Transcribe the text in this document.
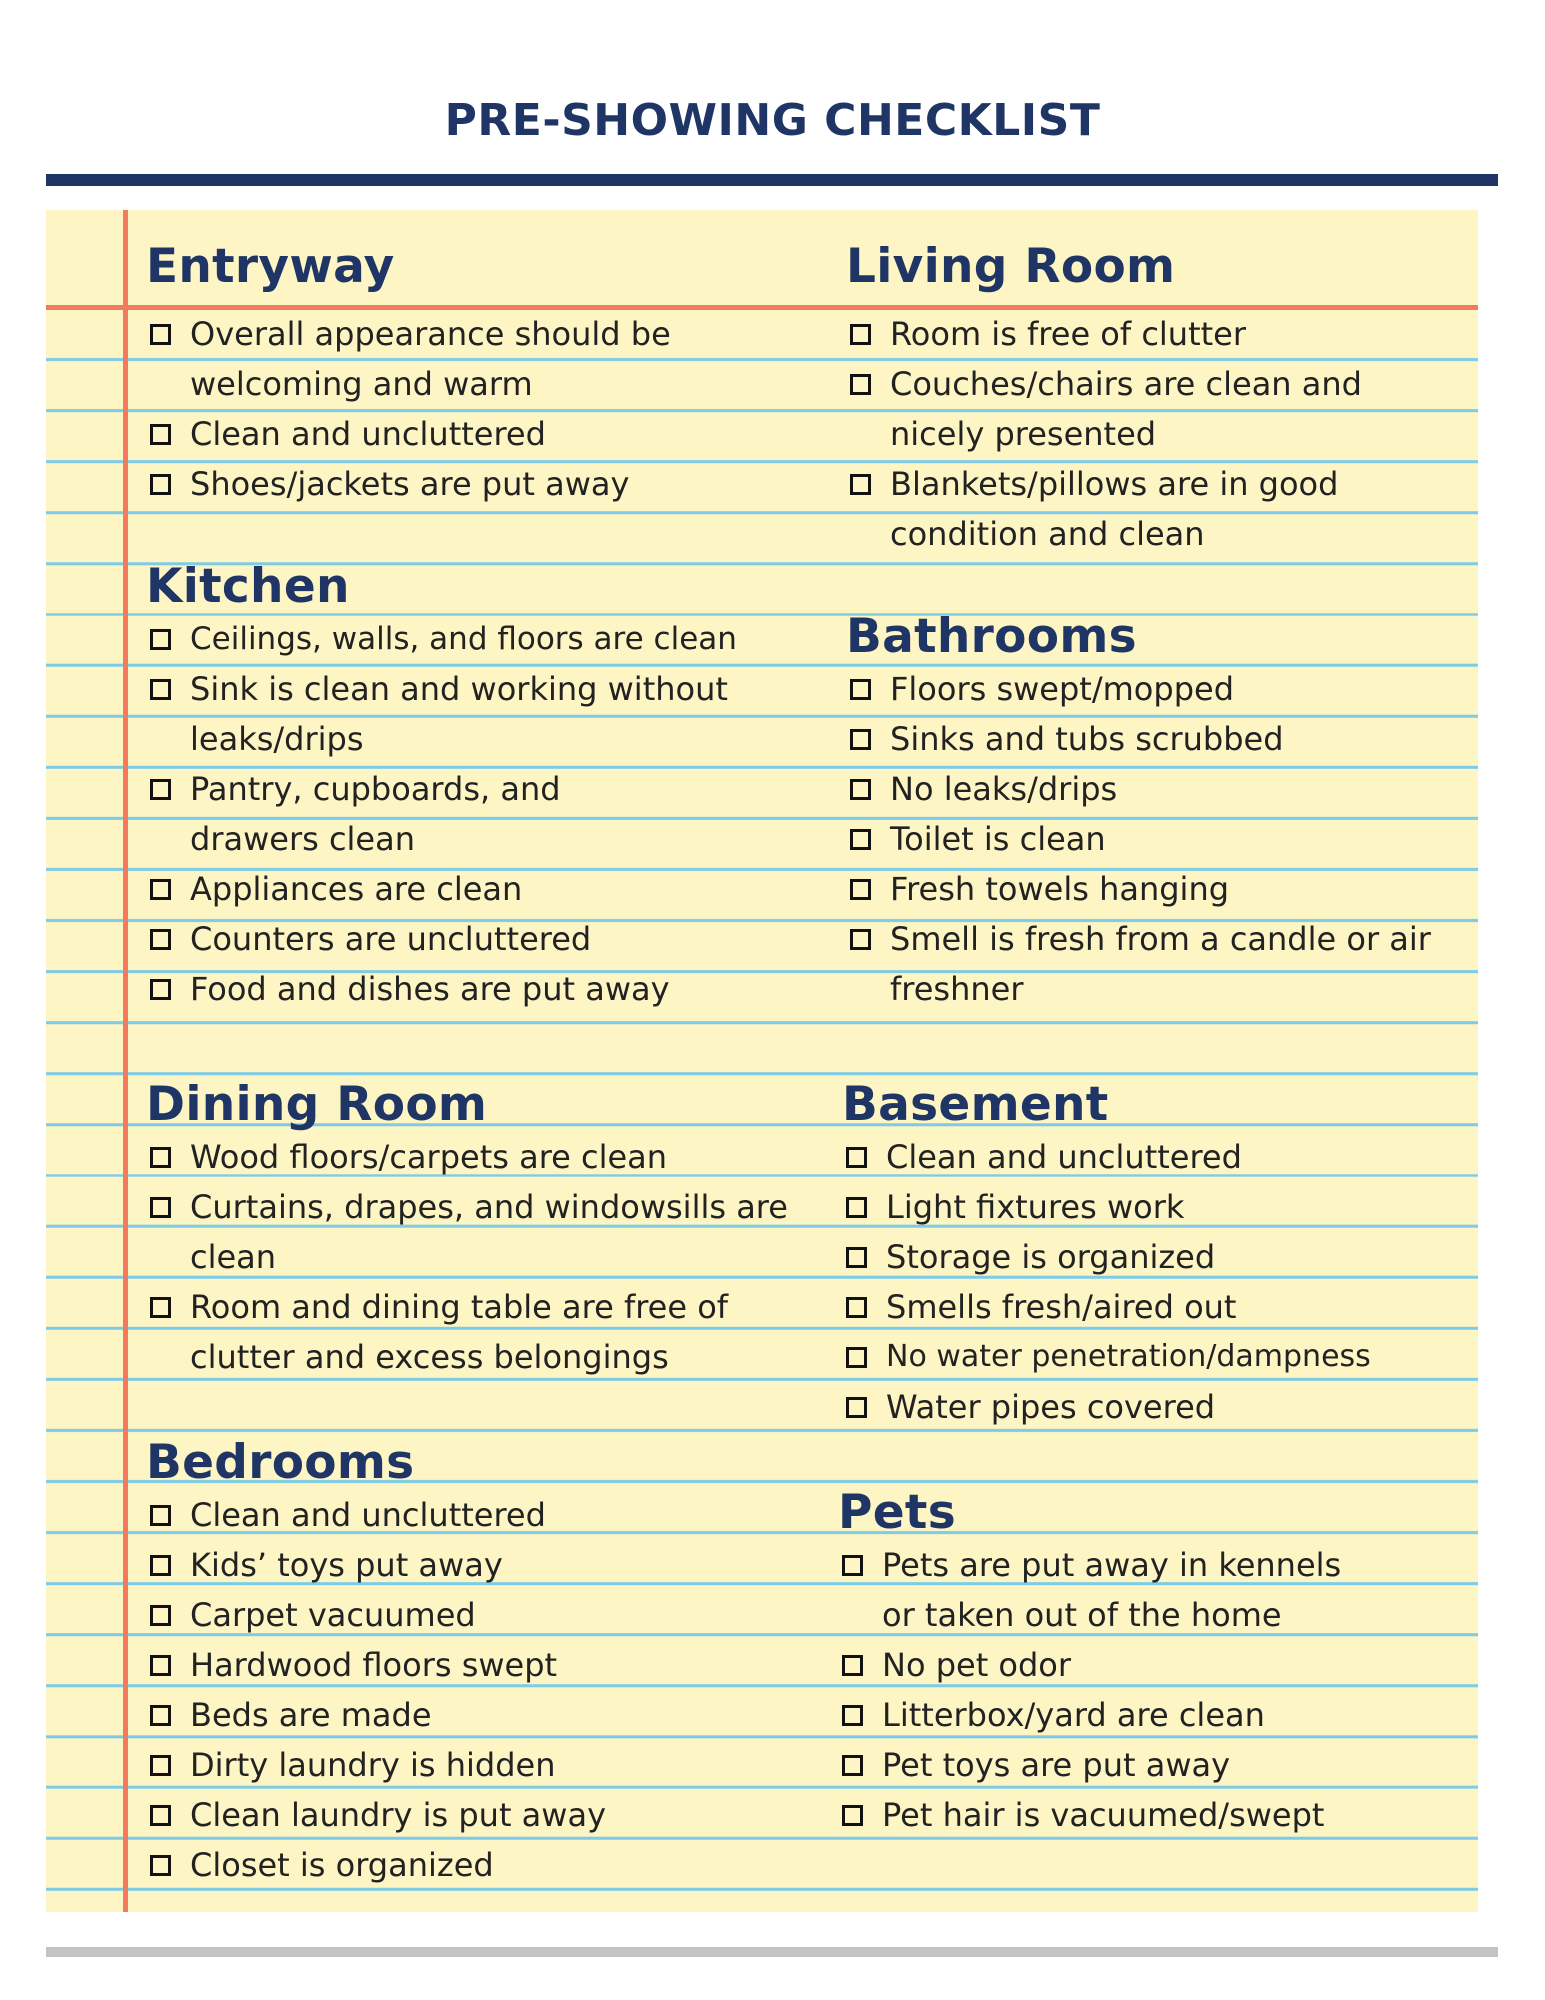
PRE-SHOWING CHECKLIST
Entryway
Overall appearance should be welcoming and warm
Clean and uncluttered
Shoes/jackets are put away
Living Room
Room is free of clutter
Couches/chairs are clean and nicely presented
Blankets/pillows are in good condition and clean
Kitchen
Ceilings, walls, and floors are clean
Sink is clean and working without leaks/drips
Pantry, cupboards, and drawers clean
Appliances are clean
Counters are uncluttered
Food and dishes are put away
Bathrooms
Floors swept/mopped
Sinks and tubs scrubbed
No leaks/drips
Toilet is clean
Fresh towels hanging
Smell is fresh from a candle or air freshner
Dining Room
Wood floors/carpets are clean
Curtains, drapes, and windowsills are clean
Room and dining table are free of clutter and excess belongings
Basement
Clean and uncluttered
Light fixtures work
Storage is organized
Smells fresh/aired out
No water penetration/dampness
Water pipes covered
Bedrooms
Clean and uncluttered
Kids’ toys put away
Carpet vacuumed
Hardwood floors swept
Beds are made
Dirty laundry is hidden
Clean laundry is put away
Closet is organized
Pets
Pets are put away in kennels or taken out of the home
No pet odor
Litterbox/yard are clean
Pet toys are put away
Pet hair is vacuumed/swept
